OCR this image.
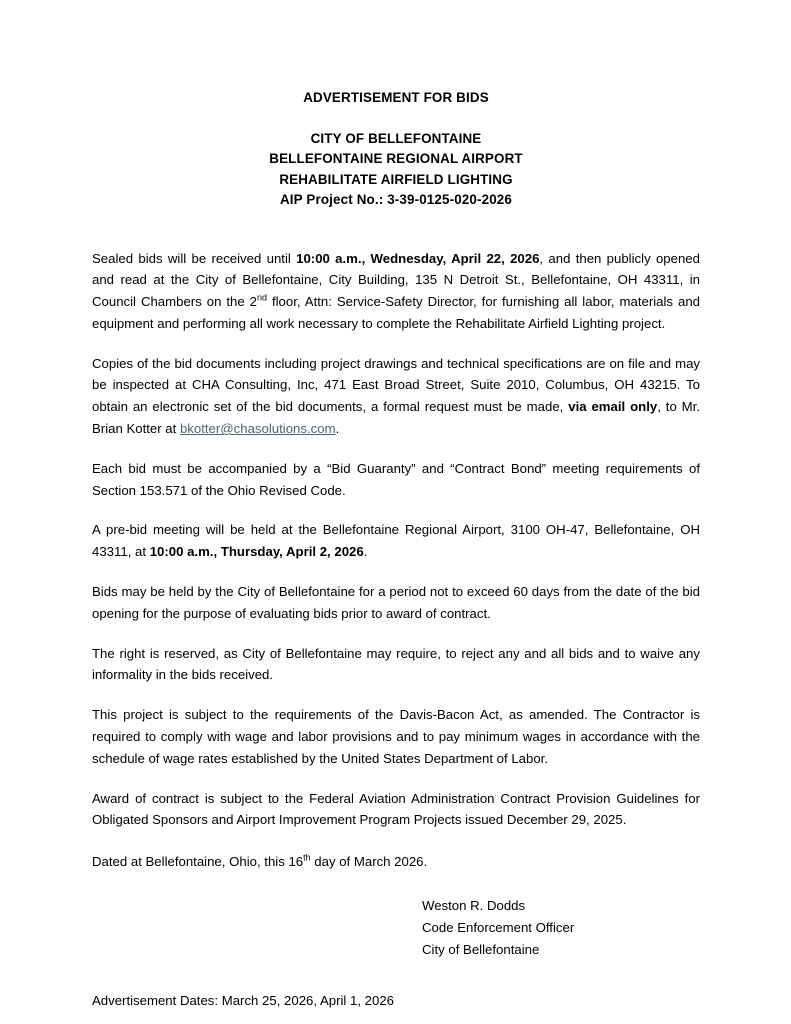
ADVERTISEMENT FOR BIDS
CITY OF BELLEFONTAINE
BELLEFONTAINE REGIONAL AIRPORT
REHABILITATE AIRFIELD LIGHTING
AIP Project No.: 3-39-0125-020-2026

Sealed bids will be received until 10:00 a.m., Wednesday, April 22, 2026, and then publicly opened and read at the City of Bellefontaine, City Building, 135 N Detroit St., Bellefontaine, OH 43311, in Council Chambers on the 2nd floor, Attn: Service-Safety Director, for furnishing all labor, materials and equipment and performing all work necessary to complete the Rehabilitate Airfield Lighting project.

Copies of the bid documents including project drawings and technical specifications are on file and may be inspected at CHA Consulting, Inc, 471 East Broad Street, Suite 2010, Columbus, OH 43215. To obtain an electronic set of the bid documents, a formal request must be made, via email only, to Mr. Brian Kotter at bkotter@chasolutions.com.

Each bid must be accompanied by a “Bid Guaranty” and “Contract Bond” meeting requirements of Section 153.571 of the Ohio Revised Code.

A pre-bid meeting will be held at the Bellefontaine Regional Airport, 3100 OH-47, Bellefontaine, OH 43311, at 10:00 a.m., Thursday, April 2, 2026.

Bids may be held by the City of Bellefontaine for a period not to exceed 60 days from the date of the bid opening for the purpose of evaluating bids prior to award of contract.

The right is reserved, as City of Bellefontaine may require, to reject any and all bids and to waive any informality in the bids received.

This project is subject to the requirements of the Davis-Bacon Act, as amended. The Contractor is required to comply with wage and labor provisions and to pay minimum wages in accordance with the schedule of wage rates established by the United States Department of Labor.

Award of contract is subject to the Federal Aviation Administration Contract Provision Guidelines for Obligated Sponsors and Airport Improvement Program Projects issued December 29, 2025.

Dated at Bellefontaine, Ohio, this 16th day of March 2026.

Weston R. Dodds
Code Enforcement Officer
City of Bellefontaine

Advertisement Dates: March 25, 2026, April 1, 2026
